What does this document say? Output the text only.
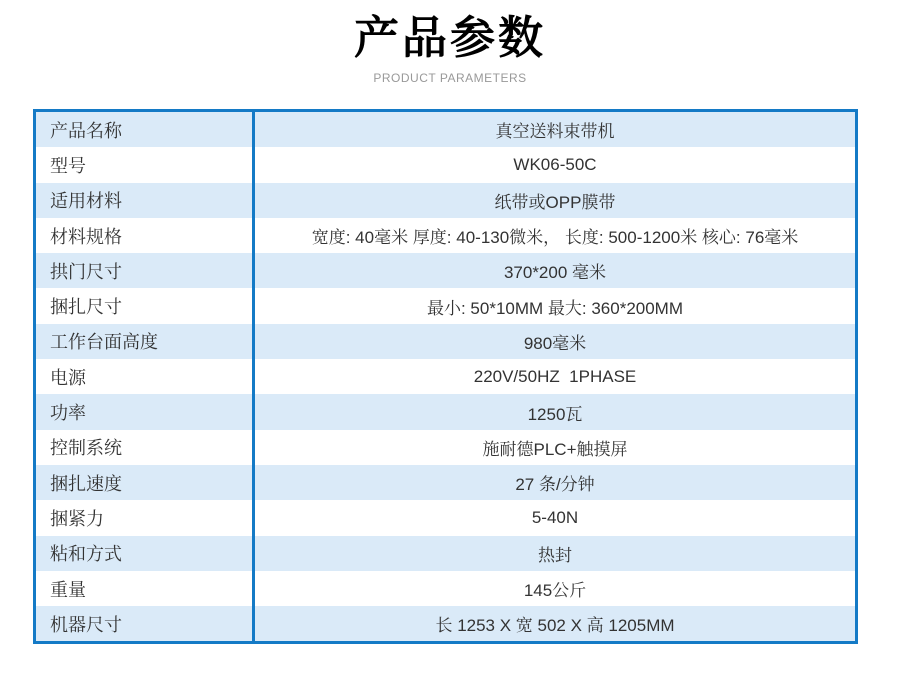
产品参数
PRODUCT PARAMETERS
产品名称	真空送料束带机
型号	WK06-50C
适用材料	纸带或OPP膜带
材料规格	宽度: 40毫米 厚度: 40-130微米， 长度: 500-1200米 核心: 76毫米
拱门尺寸	370*200 毫米
捆扎尺寸	最小: 50*10MM 最大: 360*200MM
工作台面高度	980毫米
电源	220V/50HZ  1PHASE
功率	1250瓦
控制系统	施耐德PLC+触摸屏
捆扎速度	27 条/分钟
捆紧力	5-40N
粘和方式	热封
重量	145公斤
机器尺寸	长 1253 X 宽 502 X 高 1205MM
